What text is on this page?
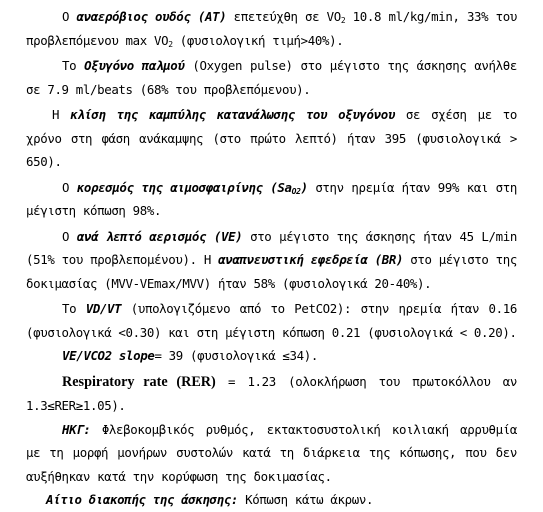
Ο αναερόβιος ουδός (ΑΤ) επετεύχθη σε $VO_2$ 10.8 ml/kg/min, 33% του προβλεπόμενου $\max VO_2$ (φυσιολογική τιμή>40%).

Το Οξυγόνο παλμού (Oxygen pulse) στο μέγιστο της άσκησης ανήλθε σε 7.9 ml/beats (68% του προβλεπόμενου).

Η κλίση της καμπύλης κατανάλωσης του οξυγόνου σε σχέση με το χρόνο στη φάση ανάκαμψης (στο πρώτο λεπτό) ήταν 395 (φυσιολογικά > 650).

Ο κορεσμός της αιμοσφαιρίνης $(Sa_{O2})$ στην ηρεμία ήταν 99% και στη μέγιστη κόπωση 98%.

Ο ανά λεπτό αερισμός (VE) στο μέγιστο της άσκησης ήταν 45 L/min (51% του προβλεπομένου). Η αναπνευστική εφεδρεία (BR) στο μέγιστο της δοκιμασίας (MVV-VEmax/MVV) ήταν 58% (φυσιολογικά 20-40%).

Το VD/VT (υπολογιζόμενο από το PetCO2): στην ηρεμία ήταν 0.16 (φυσιολογικά <0.30) και στη μέγιστη κόπωση 0.21 (φυσιολογικά < 0.20).

VE/VCO2 slope= 39 (φυσιολογικά ≤34).

Respiratory rate (RER) = 1.23 (ολοκλήρωση του πρωτοκόλλου αν 1.3≤RER≥1.05).

ΗΚΓ: Φλεβοκομβικός ρυθμός, εκτακτοσυστολική κοιλιακή αρρυθμία με τη μορφή μονήρων συστολών κατά τη διάρκεια της κόπωσης, που δεν αυξήθηκαν κατά την κορύφωση της δοκιμασίας.

Αίτιο διακοπής της άσκησης: Κόπωση κάτω άκρων.
